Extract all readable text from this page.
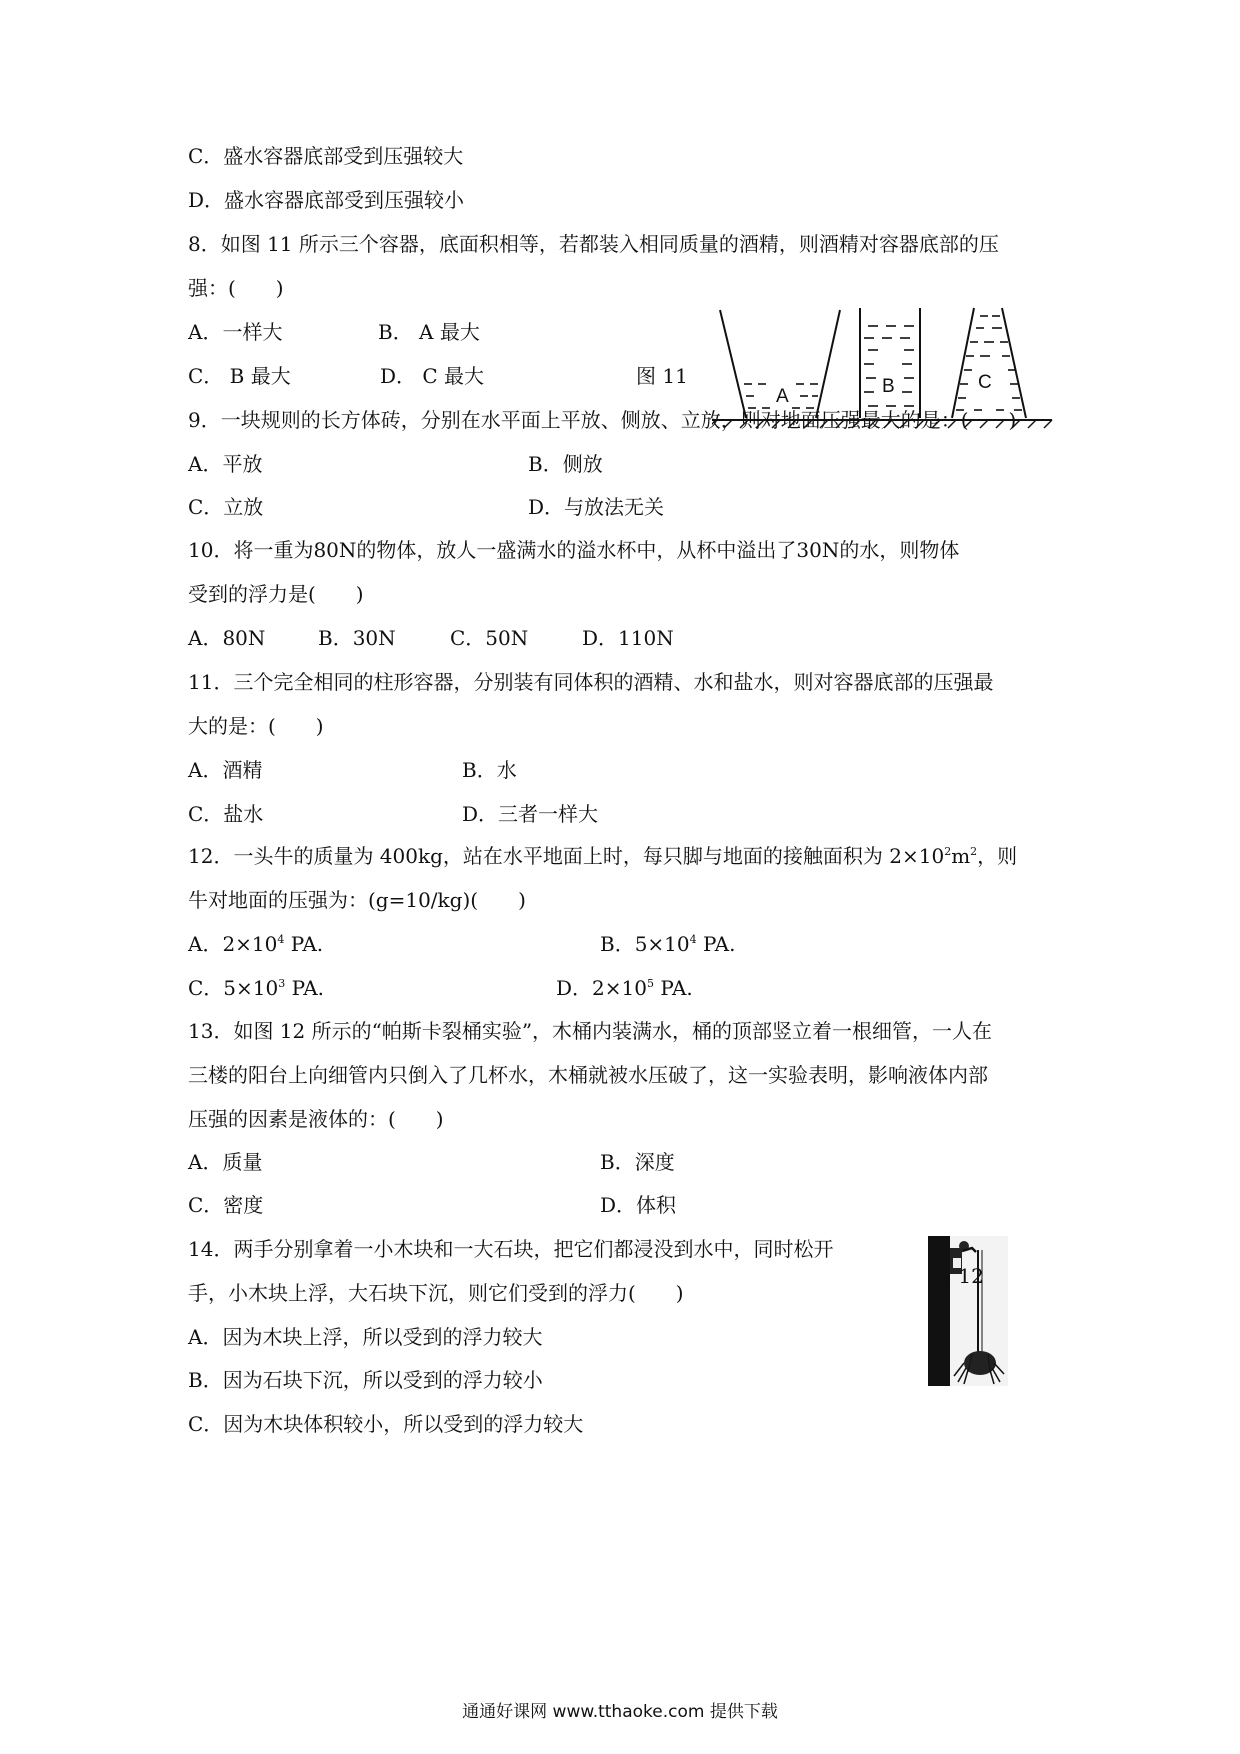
C．盛水容器底部受到压强较大
D．盛水容器底部受到压强较小
8．如图 11 所示三个容器，底面积相等，若都装入相同质量的酒精，则酒精对容器底部的压
强：(　　)
A．一样大	B． A 最大
C． B 最大	D． C 最大	图 11
A	B	C
9．一块规则的长方体砖，分别在水平面上平放、侧放、立放，则对地面压强最大的是：(　　)
A．平放	B．侧放
C．立放	D．与放法无关
10．将一重为80N的物体，放人一盛满水的溢水杯中，从杯中溢出了30N的水，则物体
受到的浮力是(　　)
A．80N	B．30N	C．50N	D．110N
11．三个完全相同的柱形容器，分别装有同体积的酒精、水和盐水，则对容器底部的压强最
大的是：(　　)
A．酒精	B．水
C．盐水	D．三者一样大
12．一头牛的质量为 400kg，站在水平地面上时，每只脚与地面的接触面积为 $2\times 10^2m^2$，则
牛对地面的压强为：(g=10/kg)(　　)
A．$2\times 10^4$ PA.	B．$5\times 10^4$ PA.
C．$5\times 10^3$ PA.	D．$2\times 10^5$ PA.
13．如图 12 所示的“帕斯卡裂桶实验”，木桶内装满水，桶的顶部竖立着一根细管，一人在
三楼的阳台上向细管内只倒入了几杯水，木桶就被水压破了，这一实验表明，影响液体内部
压强的因素是液体的：(　　)
A．质量	B．深度
C．密度	D．体积
图 12
14．两手分别拿着一小木块和一大石块，把它们都浸没到水中，同时松开
手，小木块上浮，大石块下沉，则它们受到的浮力(　　)
A．因为木块上浮，所以受到的浮力较大
B．因为石块下沉，所以受到的浮力较小
C．因为木块体积较小，所以受到的浮力较大
通通好课网 www.tthaoke.com 提供下载
